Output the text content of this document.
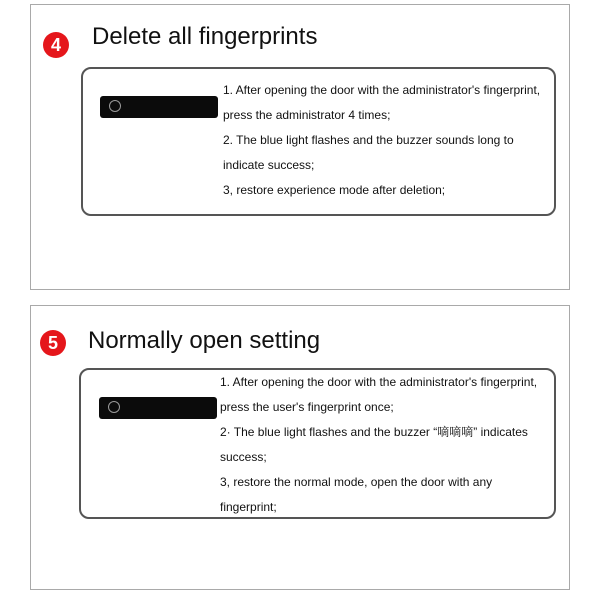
4	Delete all fingerprints
1. After opening the door with the administrator's fingerprint,
press the administrator 4 times;
2. The blue light flashes and the buzzer sounds long to
indicate success;
3, restore experience mode after deletion;
5	Normally open setting
1. After opening the door with the administrator's fingerprint,
press the user's fingerprint once;
2· The blue light flashes and the buzzer “嘀嘀嘀” indicates
success;
3, restore the normal mode, open the door with any
fingerprint;
